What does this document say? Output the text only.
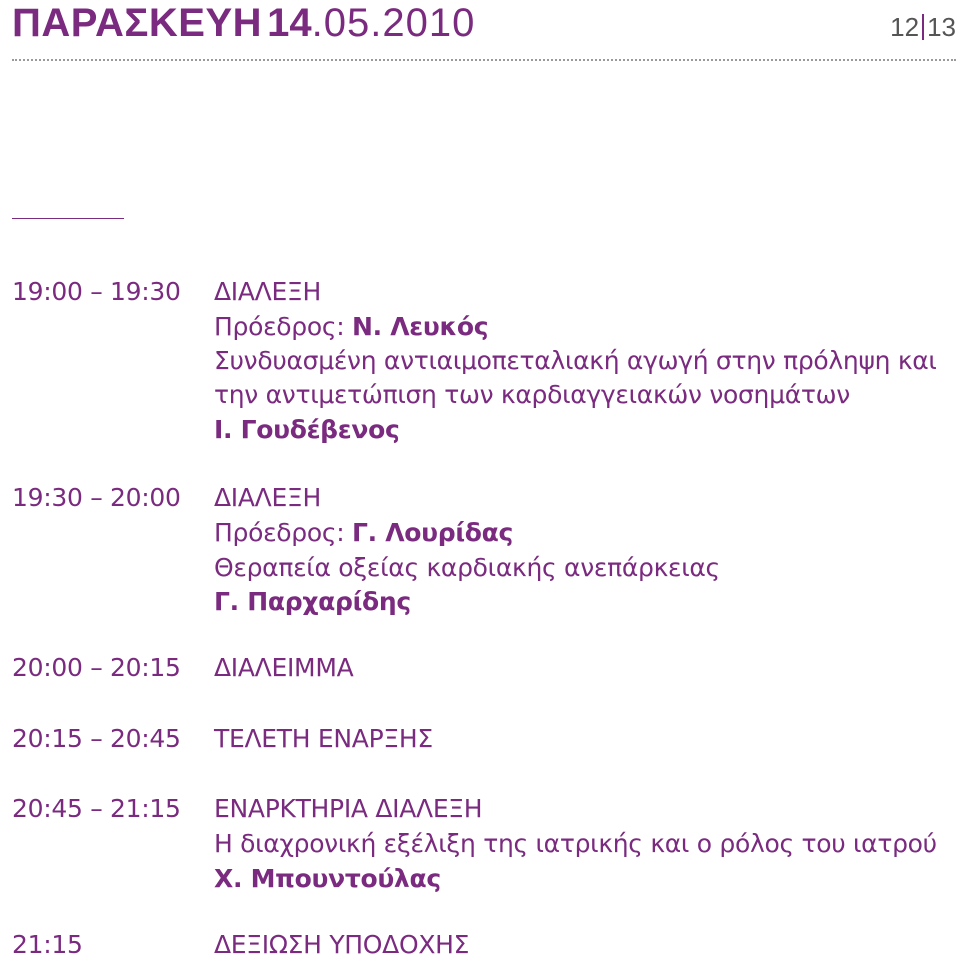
ΠΑΡΑΣΚΕΥΗ 14.05.2010	12 13
19:00 – 19:30 ΔΙΑΛΕΞΗ
Πρόεδρος: Ν. Λευκός
Συνδυασμένη αντιαιμοπεταλιακή αγωγή στην πρόληψη και
την αντιμετώπιση των καρδιαγγειακών νοσημάτων
Ι. Γουδέβενος
19:30 – 20:00 ΔΙΑΛΕΞΗ
Πρόεδρος: Γ. Λουρίδας
Θεραπεία οξείας καρδιακής ανεπάρκειας
Γ. Παρχαρίδης
20:00 – 20:15 ΔΙΑΛΕΙΜΜΑ
20:15 – 20:45 ΤΕΛΕΤΗ ΕΝΑΡΞΗΣ
20:45 – 21:15 ΕΝΑΡΚΤΗΡΙΑ ΔΙΑΛΕΞΗ
Η διαχρονική εξέλιξη της ιατρικής και ο ρόλος του ιατρού
Χ. Μπουντούλας
21:15	ΔΕΞΙΩΣΗ ΥΠΟΔΟΧΗΣ
